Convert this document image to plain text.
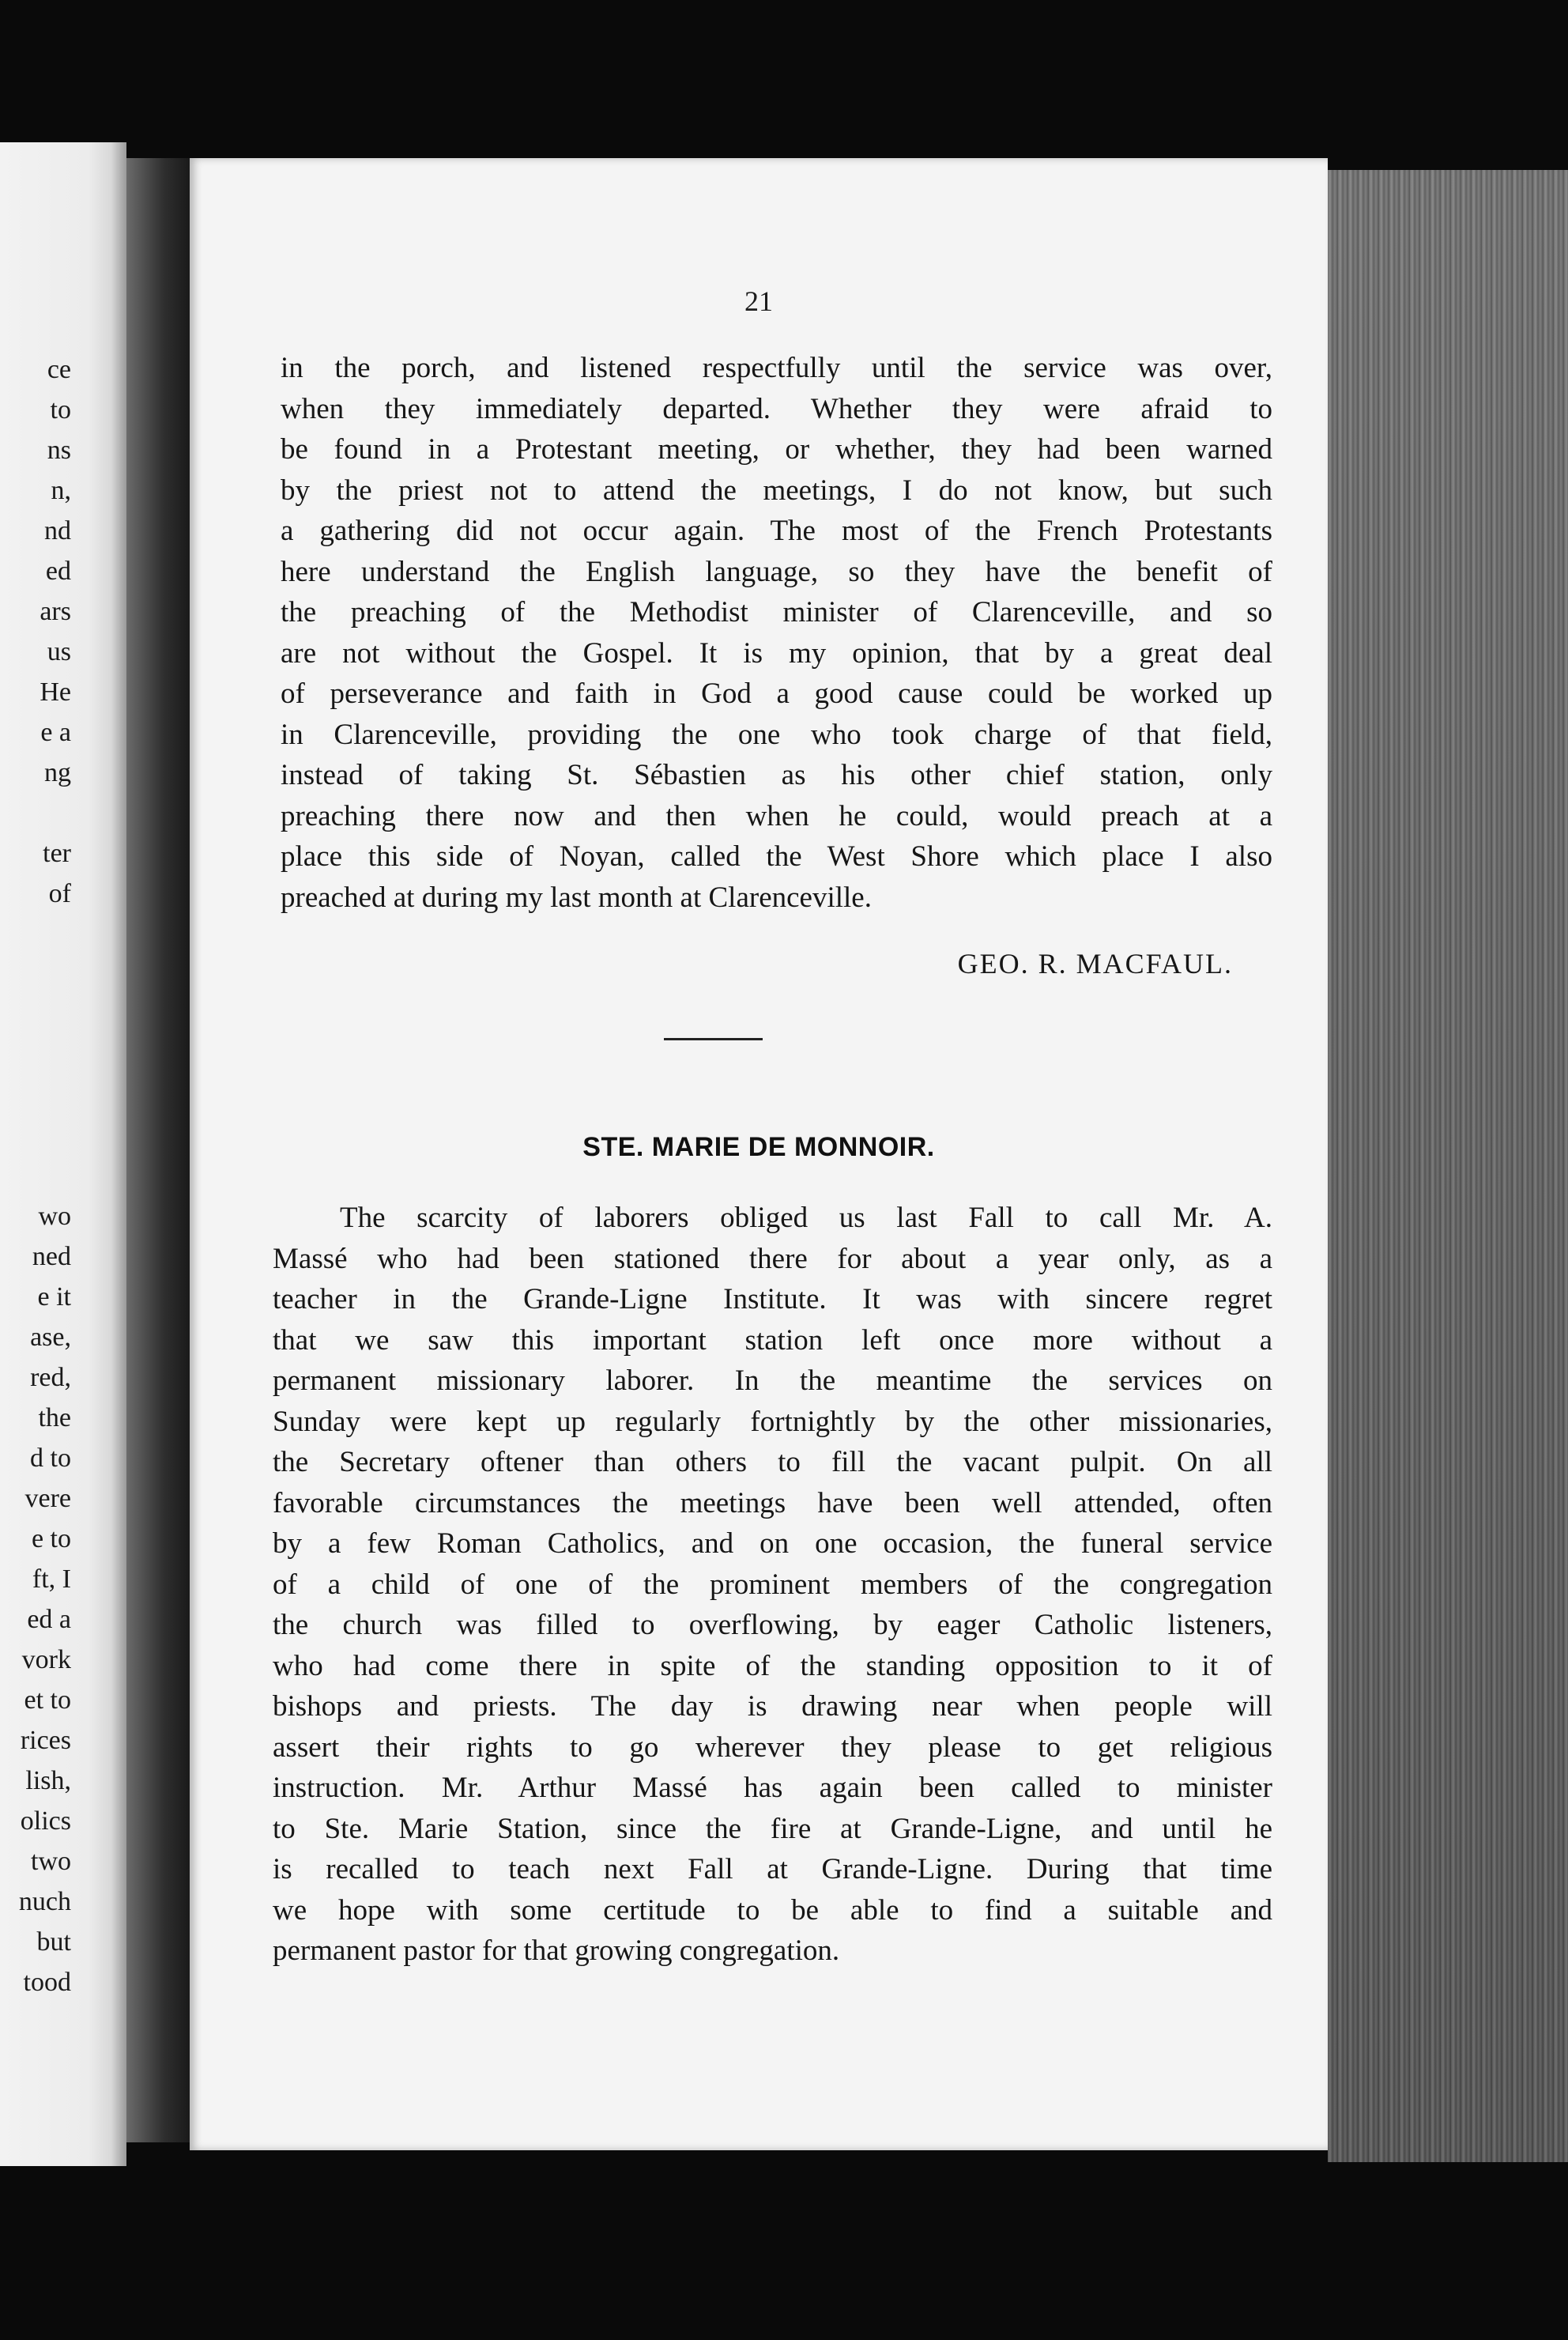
ce
to
ns
n,
nd
ed
ars
us
He
e a
ng
ter
of
wo
ned
e it
ase,
red,
the
d to
vere
e to
ft, I
ed a
vork
et to
rices
lish,
olics
two
nuch
but
tood
21
in the porch, and listened respectfully until the service was over,
when they immediately departed. Whether they were afraid to
be found in a Protestant meeting, or whether, they had been warned
by the priest not to attend the meetings, I do not know, but such
a gathering did not occur again. The most of the French Protestants
here understand the English language, so they have the benefit of
the preaching of the Methodist minister of Clarenceville, and so
are not without the Gospel. It is my opinion, that by a great deal
of perseverance and faith in God a good cause could be worked up
in Clarenceville, providing the one who took charge of that field,
instead of taking St. Sébastien as his other chief station, only
preaching there now and then when he could, would preach at a
place this side of Noyan, called the West Shore which place I also
preached at during my last month at Clarenceville.
GEO. R. MACFAUL.
STE. MARIE DE MONNOIR.
The scarcity of laborers obliged us last Fall to call Mr. A.
Massé who had been stationed there for about a year only, as a
teacher in the Grande-Ligne Institute. It was with sincere regret
that we saw this important station left once more without a
permanent missionary laborer. In the meantime the services on
Sunday were kept up regularly fortnightly by the other missionaries,
the Secretary oftener than others to fill the vacant pulpit. On all
favorable circumstances the meetings have been well attended, often
by a few Roman Catholics, and on one occasion, the funeral service
of a child of one of the prominent members of the congregation
the church was filled to overflowing, by eager Catholic listeners,
who had come there in spite of the standing opposition to it of
bishops and priests. The day is drawing near when people will
assert their rights to go wherever they please to get religious
instruction. Mr. Arthur Massé has again been called to minister
to Ste. Marie Station, since the fire at Grande-Ligne, and until he
is recalled to teach next Fall at Grande-Ligne. During that time
we hope with some certitude to be able to find a suitable and
permanent pastor for that growing congregation.
